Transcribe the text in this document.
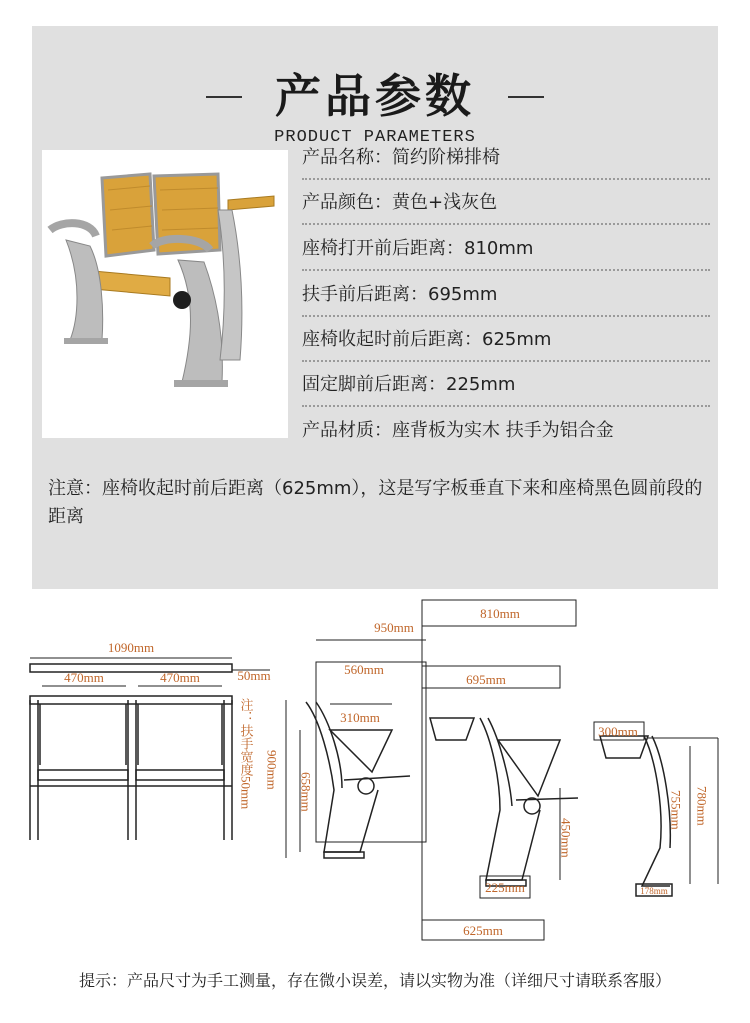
产品参数
PRODUCT PARAMETERS
产品名称：简约阶梯排椅
产品颜色：黄色+浅灰色
座椅打开前后距离：810mm
扶手前后距离：695mm
座椅收起时前后距离：625mm
固定脚前后距离：225mm
产品材质：座背板为实木 扶手为铝合金
注意：座椅收起时前后距离（625mm），这是写字板垂直下来和座椅黑色圆前段的距离
1090mm
470mm	470mm	50mm
注：扶手宽度50mm
950mm
560mm
310mm
900mm
658mm
810mm
695mm
450mm
225mm
625mm
300mm
780mm
755mm
178mm
提示：产品尺寸为手工测量，存在微小误差，请以实物为准（详细尺寸请联系客服）
